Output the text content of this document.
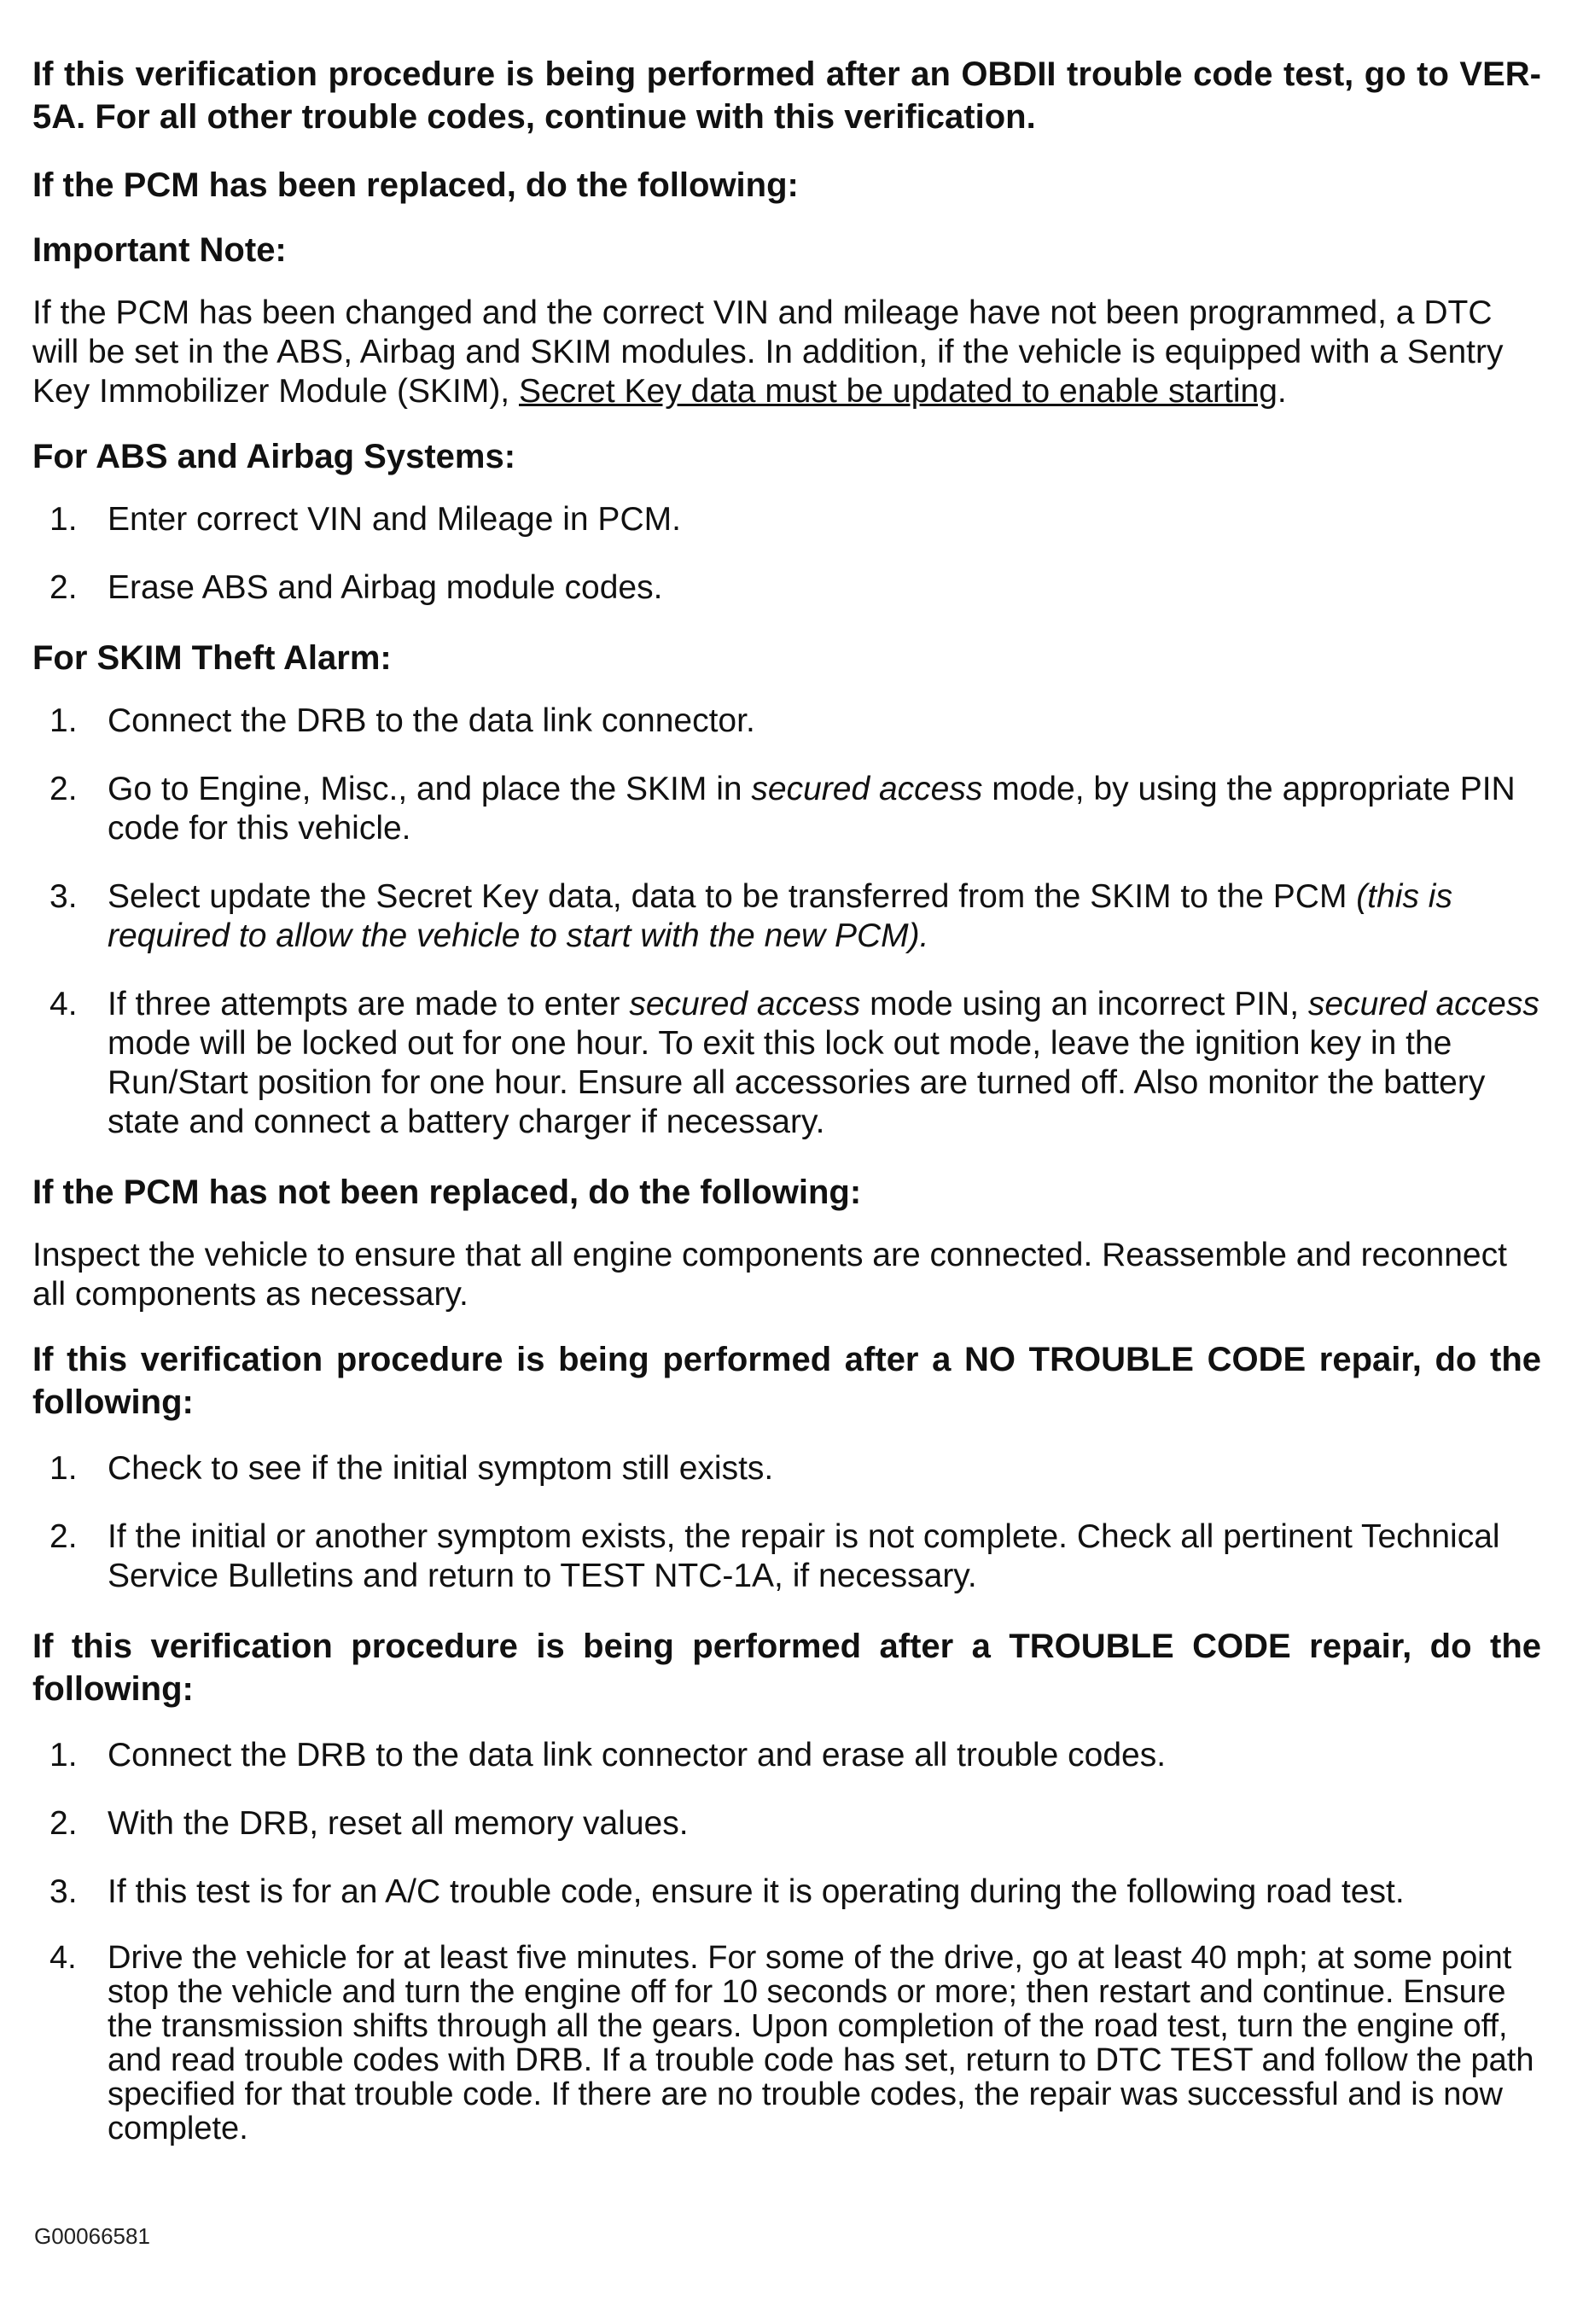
If this verification procedure is being performed after an OBDII trouble code test, go to VER-5A. For all other trouble codes, continue with this verification.

If the PCM has been replaced, do the following:
Important Note:

If the PCM has been changed and the correct VIN and mileage have not been programmed, a DTC will be set in the ABS, Airbag and SKIM modules. In addition, if the vehicle is equipped with a Sentry Key Immobilizer Module (SKIM), Secret Key data must be updated to enable starting.

For ABS and Airbag Systems:
1. Enter correct VIN and Mileage in PCM.
2. Erase ABS and Airbag module codes.
For SKIM Theft Alarm:
1. Connect the DRB to the data link connector.
2. Go to Engine, Misc., and place the SKIM in secured access mode, by using the appropriate PIN code for this vehicle.
3. Select update the Secret Key data, data to be transferred from the SKIM to the PCM (this is required to allow the vehicle to start with the new PCM).
4. If three attempts are made to enter secured access mode using an incorrect PIN, secured access mode will be locked out for one hour. To exit this lock out mode, leave the ignition key in the Run/Start position for one hour. Ensure all accessories are turned off. Also monitor the battery state and connect a battery charger if necessary.
If the PCM has not been replaced, do the following:

Inspect the vehicle to ensure that all engine components are connected. Reassemble and reconnect all components as necessary.

If this verification procedure is being performed after a NO TROUBLE CODE repair, do the following:

1. Check to see if the initial symptom still exists.
2. If the initial or another symptom exists, the repair is not complete. Check all pertinent Technical Service Bulletins and return to TEST NTC-1A, if necessary.

If this verification procedure is being performed after a TROUBLE CODE repair, do the following:

1. Connect the DRB to the data link connector and erase all trouble codes.
2. With the DRB, reset all memory values.
3. If this test is for an A/C trouble code, ensure it is operating during the following road test.
4. Drive the vehicle for at least five minutes. For some of the drive, go at least 40 mph; at some point stop the vehicle and turn the engine off for 10 seconds or more; then restart and continue. Ensure the transmission shifts through all the gears. Upon completion of the road test, turn the engine off, and read trouble codes with DRB. If a trouble code has set, return to DTC TEST and follow the path specified for that trouble code. If there are no trouble codes, the repair was successful and is now complete.
G00066581
